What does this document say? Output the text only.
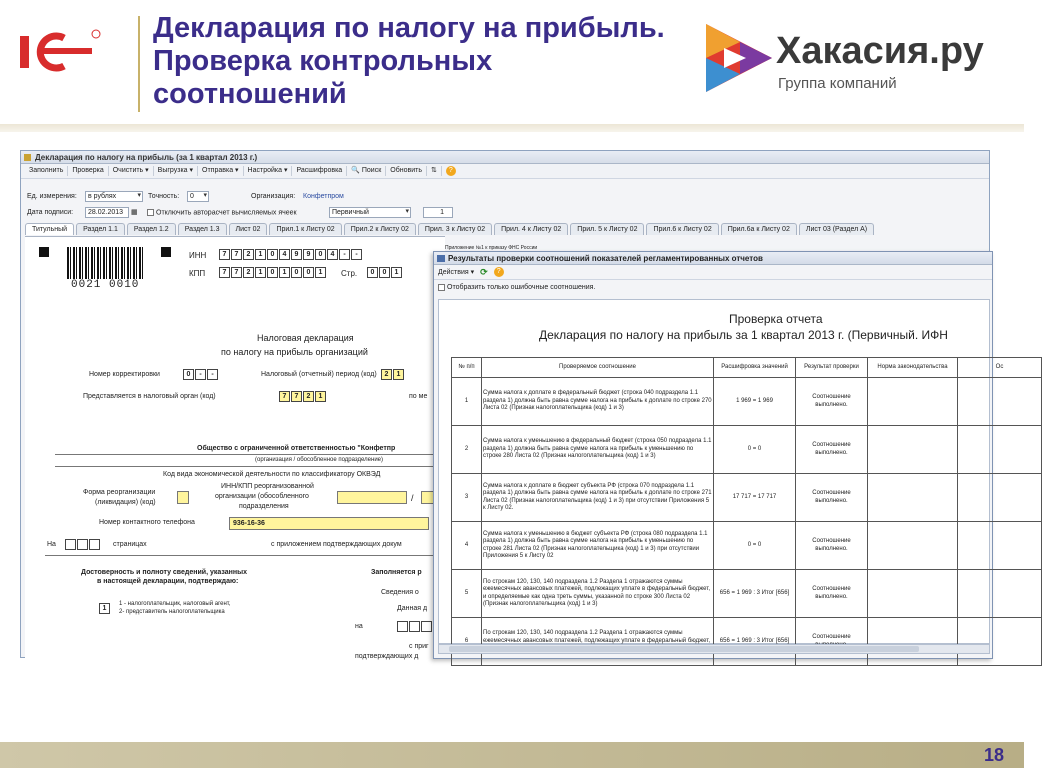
Декларация по налогу на прибыль.
Проверка контрольных
соотношений
Хакасия.ру
Группа компаний
Декларация по налогу на прибыль (за 1 квартал 2013 г.)
Заполнить	Проверка	Очистить ▾	Выгрузка ▾	Отправка ▾	Настройка ▾	Расшифровка	🔍 Поиск	Обновить	⇅	?
Ед. измерения:	в рублях ▾	Точность:	0 ▾	Организация: Конфетпром
Дата подписи:	28.02.2013	▦	Отключить авторасчет вычисляемых ячеек	Первичный ▾	1
Титульный	Раздел 1.1	Раздел 1.2	Раздел 1.3	Лист 02	Прил.1 к Листу 02	Прил.2 к Листу 02	Прил. 3 к Листу 02	Прил. 4 к Листу 02	Прил. 5 к Листу 02	Прил.6 к Листу 02	Прил.6а к Листу 02	Лист 03 (Раздел А)
0021 0010
ИНН	7	7	2	1	0	4	9	9	0	4	-	-
КПП	7	7	2	1	0	1	0	0	1	Стр.	0	0	1
Приложение №1 к приказу ФНС России
Налоговая декларация
по налогу на прибыль организаций
Номер корректировки	0	-	-	Налоговый (отчетный) период (код)	2	1
Представляется в налоговый орган (код)	7	7	2	1	по ме
Общество с ограниченной ответственностью "Конфетпр
(организация / обособленное подразделение)
Код вида экономической деятельности по классификатору ОКВЭД
Форма реорганизации
(ликвидация) (код)
ИНН/КПП реорганизованной
организации (обособленного
подразделения
/
Номер контактного телефона	936-16-36
На	страницах	с приложением подтверждающих докум
Достоверность и полноту сведений, указанных
в настоящей декларации, подтверждаю:
Заполняется р
1
1 - налогоплательщик, налоговый агент,
2- представитель налогоплательщика
Сведения о
Данная д
на
с приг
подтверждающих д
Результаты проверки соотношений показателей регламентированных отчетов
Действия ▾ ⟳	?
Отобразить только ошибочные соотношения.
Проверка отчета
Декларация по налогу на прибыль за 1 квартал 2013 г. (Первичный. ИФН
№ п/п	Проверяемое соотношение	Расшифровка значений	Результат проверки	Норма законодательства	Ос
1	Сумма налога к доплате в федеральный бюджет (строка 040 подраздела 1.1 раздела 1) должна быть равна сумме налога на прибыль к доплате по строке 270 Листа 02 (Признак налогоплательщика (код) 1 и 3)	1 969 = 1 969	Соотношение выполнено.		
2	Сумма налога к уменьшению в федеральный бюджет (строка 050 подраздела 1.1 раздела 1) должна быть равна сумме налога на прибыль к уменьшению по строке 280 Листа 02 (Признак налогоплательщика (код) 1 и 3)	0 = 0	Соотношение выполнено.		
3	Сумма налога к доплате в бюджет субъекта РФ (строка 070 подраздела 1.1 раздела 1) должна быть равна сумме налога на прибыль к доплате по строке 271 Листа 02 (Признак налогоплательщика (код) 1 и 3) при отсутствии Приложения 5 к Листу 02.	17 717 = 17 717	Соотношение выполнено.		
4	Сумма налога к уменьшению в бюджет субъекта РФ (строка 080 подраздела 1.1 раздела 1) должна быть равна сумме налога на прибыль к уменьшению по строке 281 Листа 02 (Признак налогоплательщика (код) 1 и 3) при отсутствии Приложения 5 к Листу 02	0 = 0	Соотношение выполнено.		
5	По строкам 120, 130, 140 подраздела 1.2 Раздела 1 отражаются суммы ежемесячных авансовых платежей, подлежащих уплате в федеральный бюджет, и определяемые как одна треть суммы, указанной по строке 300 Листа 02 (Признак налогоплательщика (код) 1 и 3)	656 = 1 969 : 3 Итог [656]	Соотношение выполнено.		
6	По строкам 120, 130, 140 подраздела 1.2 Раздела 1 отражаются суммы ежемесячных авансовых платежей, подлежащих уплате в федеральный бюджет,	656 = 1 969 : 3 Итог [656]	Соотношение		
18
